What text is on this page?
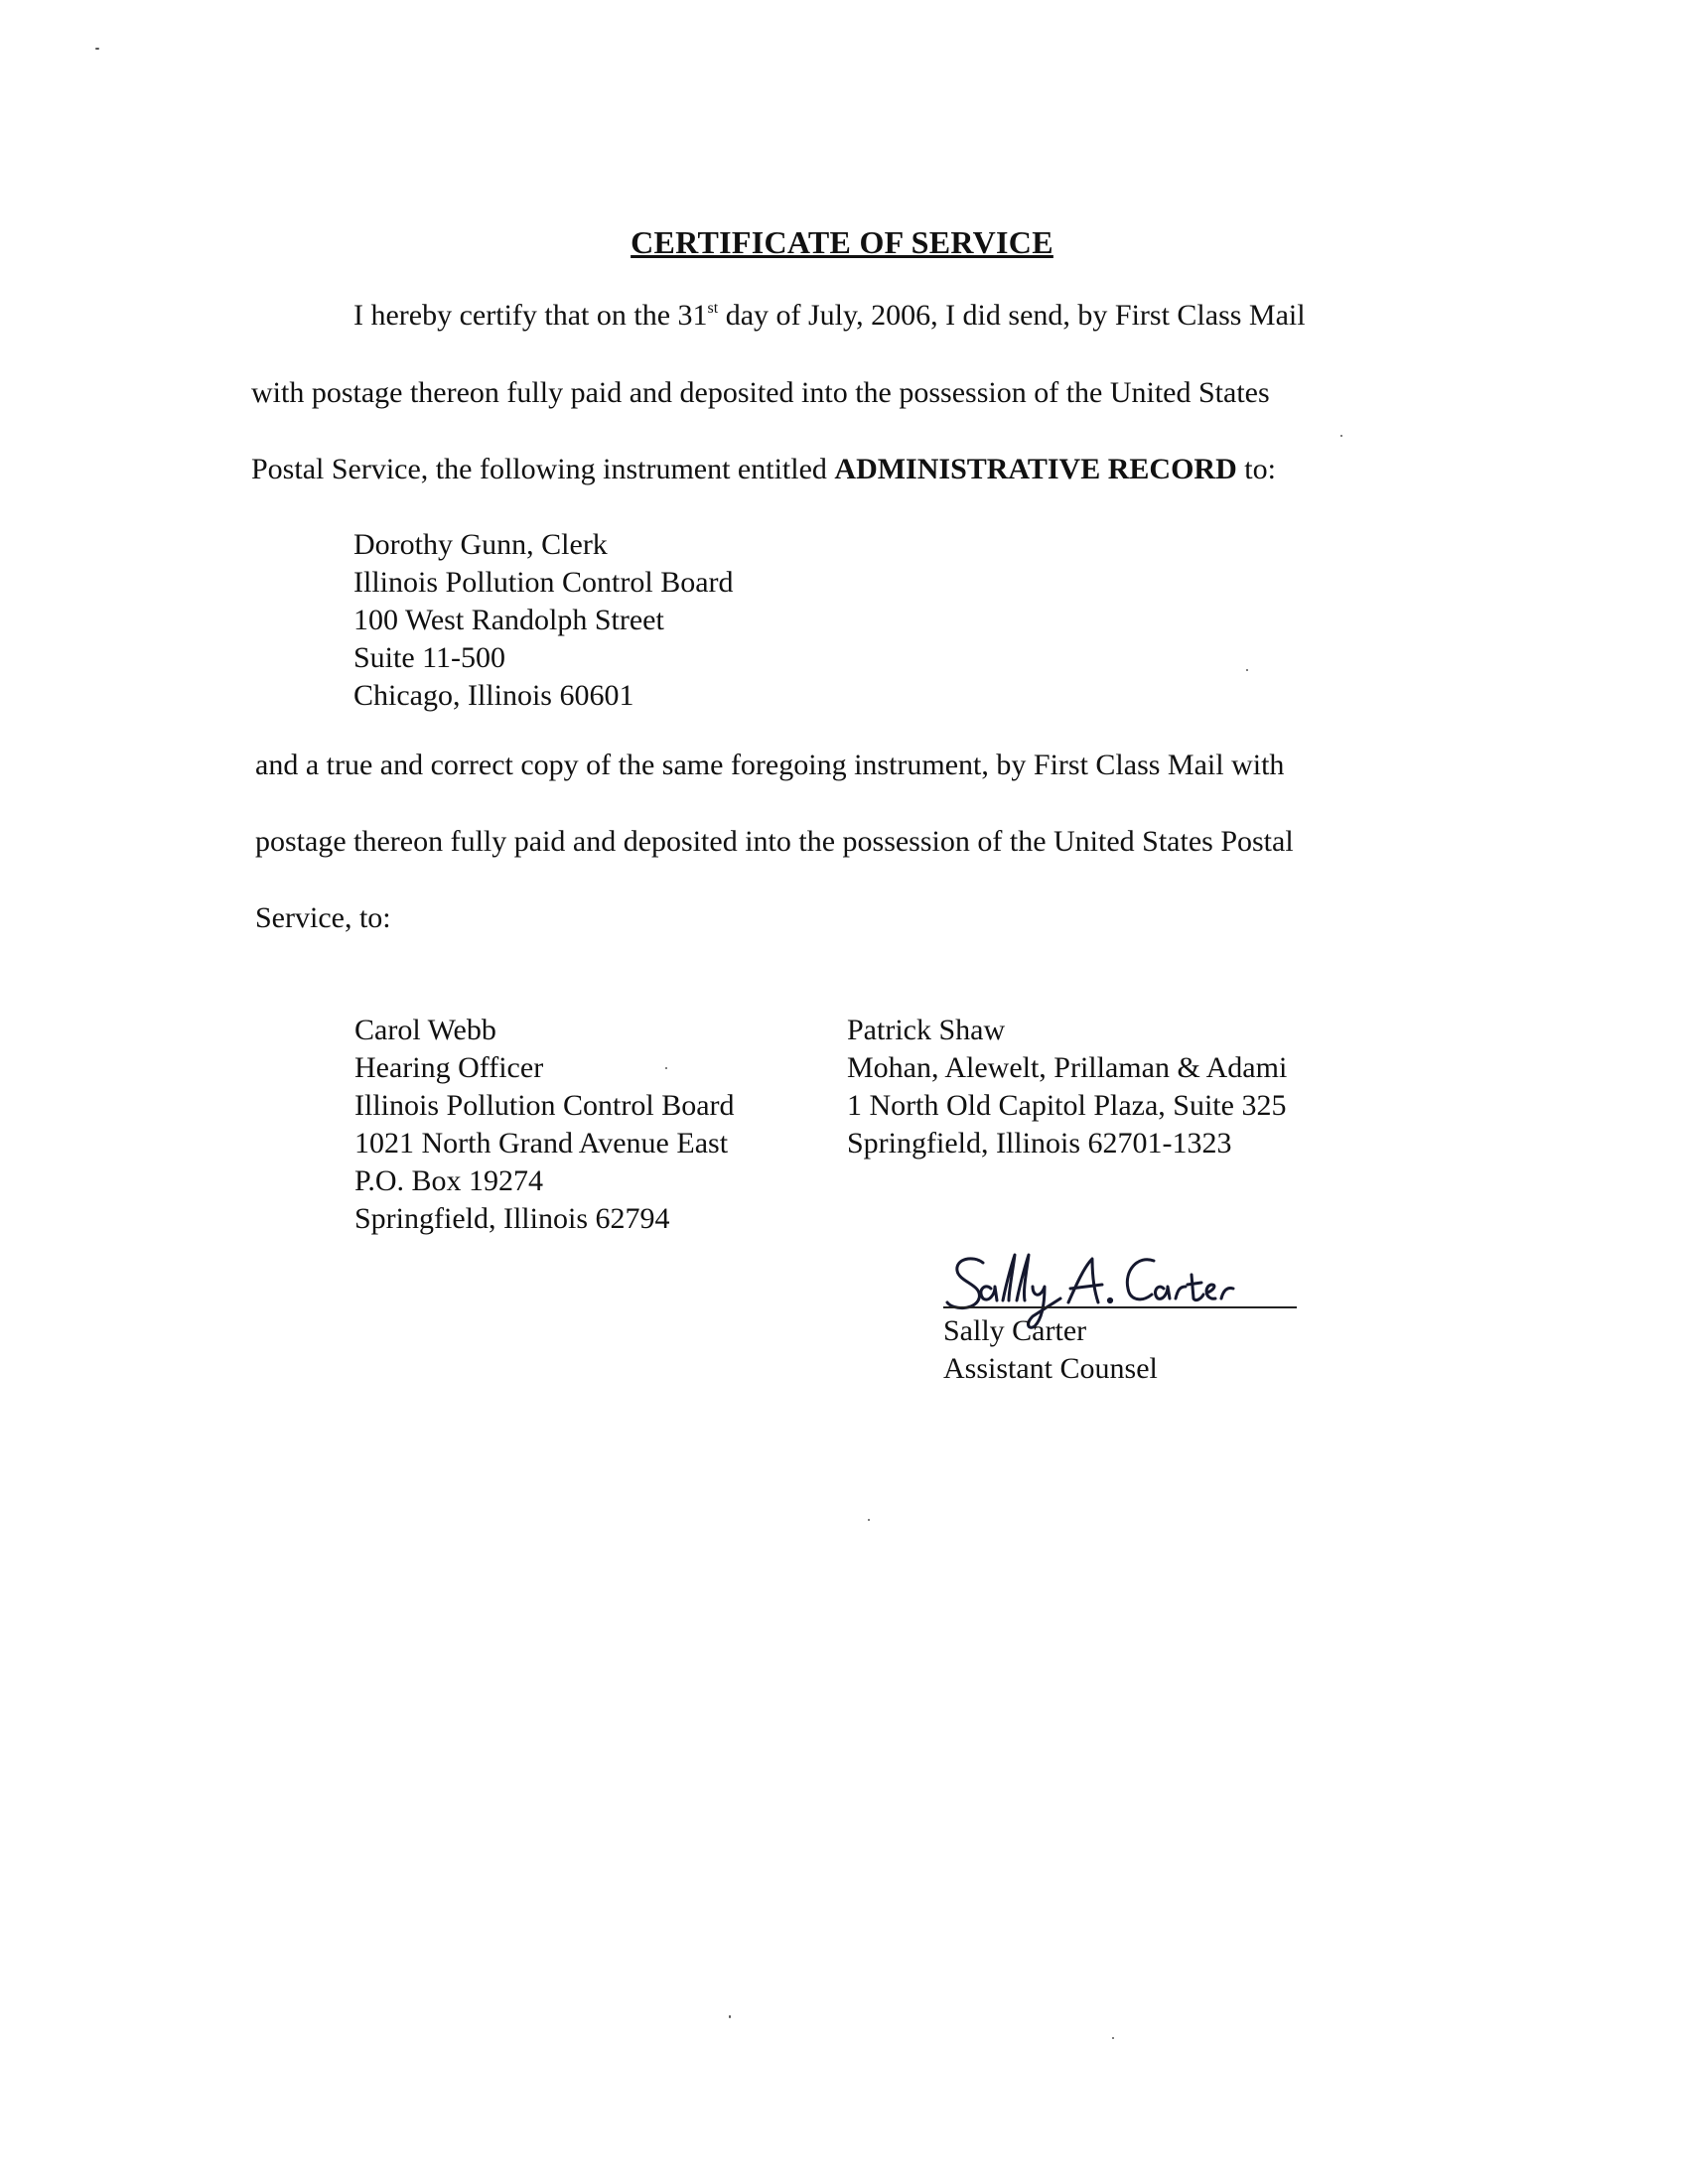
CERTIFICATE OF SERVICE
I hereby certify that on the 31st day of July, 2006, I did send, by First Class Mail
with postage thereon fully paid and deposited into the possession of the United States
Postal Service, the following instrument entitled ADMINISTRATIVE RECORD to:
Dorothy Gunn, Clerk
Illinois Pollution Control Board
100 West Randolph Street
Suite 11-500
Chicago, Illinois 60601
and a true and correct copy of the same foregoing instrument, by First Class Mail with
postage thereon fully paid and deposited into the possession of the United States Postal
Service, to:
Carol Webb
Hearing Officer
Illinois Pollution Control Board
1021 North Grand Avenue East
P.O. Box 19274
Springfield, Illinois 62794
Patrick Shaw
Mohan, Alewelt, Prillaman & Adami
1 North Old Capitol Plaza, Suite 325
Springfield, Illinois 62701-1323
Sally Carter
Assistant Counsel
